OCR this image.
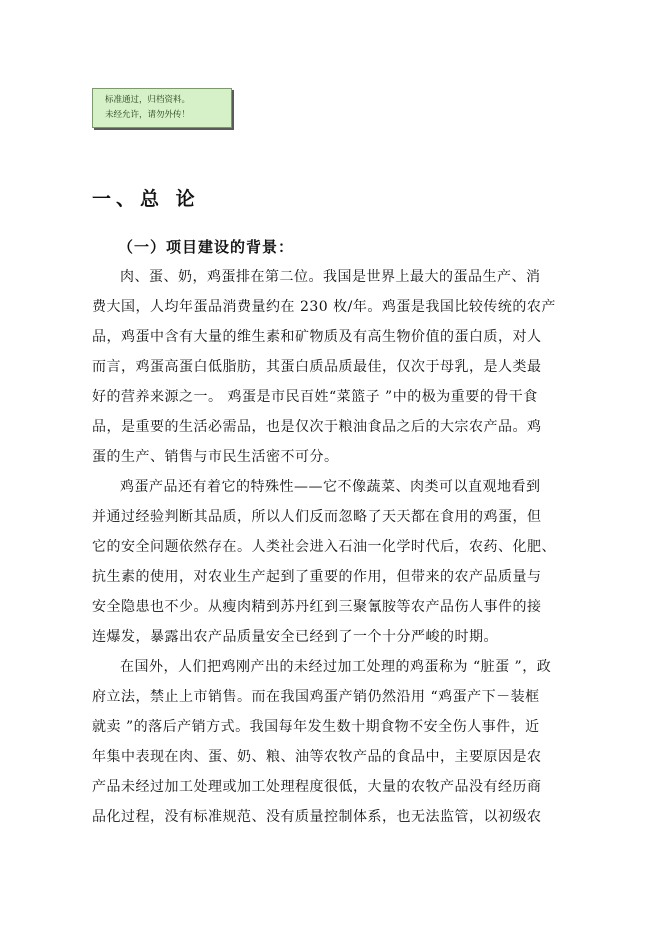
标准通过，归档资料。
未经允许，请勿外传！
一、总 论
（一）项目建设的背景：

肉、蛋、奶，鸡蛋排在第二位。我国是世界上最大的蛋品生产、消
费大国，人均年蛋品消费量约在 230 枚/年。鸡蛋是我国比较传统的农产
品，鸡蛋中含有大量的维生素和矿物质及有高生物价值的蛋白质，对人
而言，鸡蛋高蛋白低脂肪，其蛋白质品质最佳，仅次于母乳，是人类最
好的营养来源之一。 鸡蛋是市民百姓“菜篮子 ”中的极为重要的骨干食
品，是重要的生活必需品，也是仅次于粮油食品之后的大宗农产品。鸡
蛋的生产、销售与市民生活密不可分。

鸡蛋产品还有着它的特殊性——它不像蔬菜、肉类可以直观地看到
并通过经验判断其品质，所以人们反而忽略了天天都在食用的鸡蛋，但
它的安全问题依然存在。人类社会进入石油一化学时代后，农药、化肥、
抗生素的使用，对农业生产起到了重要的作用，但带来的农产品质量与
安全隐患也不少。从瘦肉精到苏丹红到三聚氰胺等农产品伤人事件的接
连爆发，暴露出农产品质量安全已经到了一个十分严峻的时期。

在国外，人们把鸡刚产出的未经过加工处理的鸡蛋称为 “脏蛋 ”，政
府立法，禁止上市销售。而在我国鸡蛋产销仍然沿用 “鸡蛋产下－装框
就卖 ”的落后产销方式。我国每年发生数十期食物不安全伤人事件，近
年集中表现在肉、蛋、奶、粮、油等农牧产品的食品中，主要原因是农
产品未经过加工处理或加工处理程度很低，大量的农牧产品没有经历商
品化过程，没有标准规范、没有质量控制体系，也无法监管，以初级农
